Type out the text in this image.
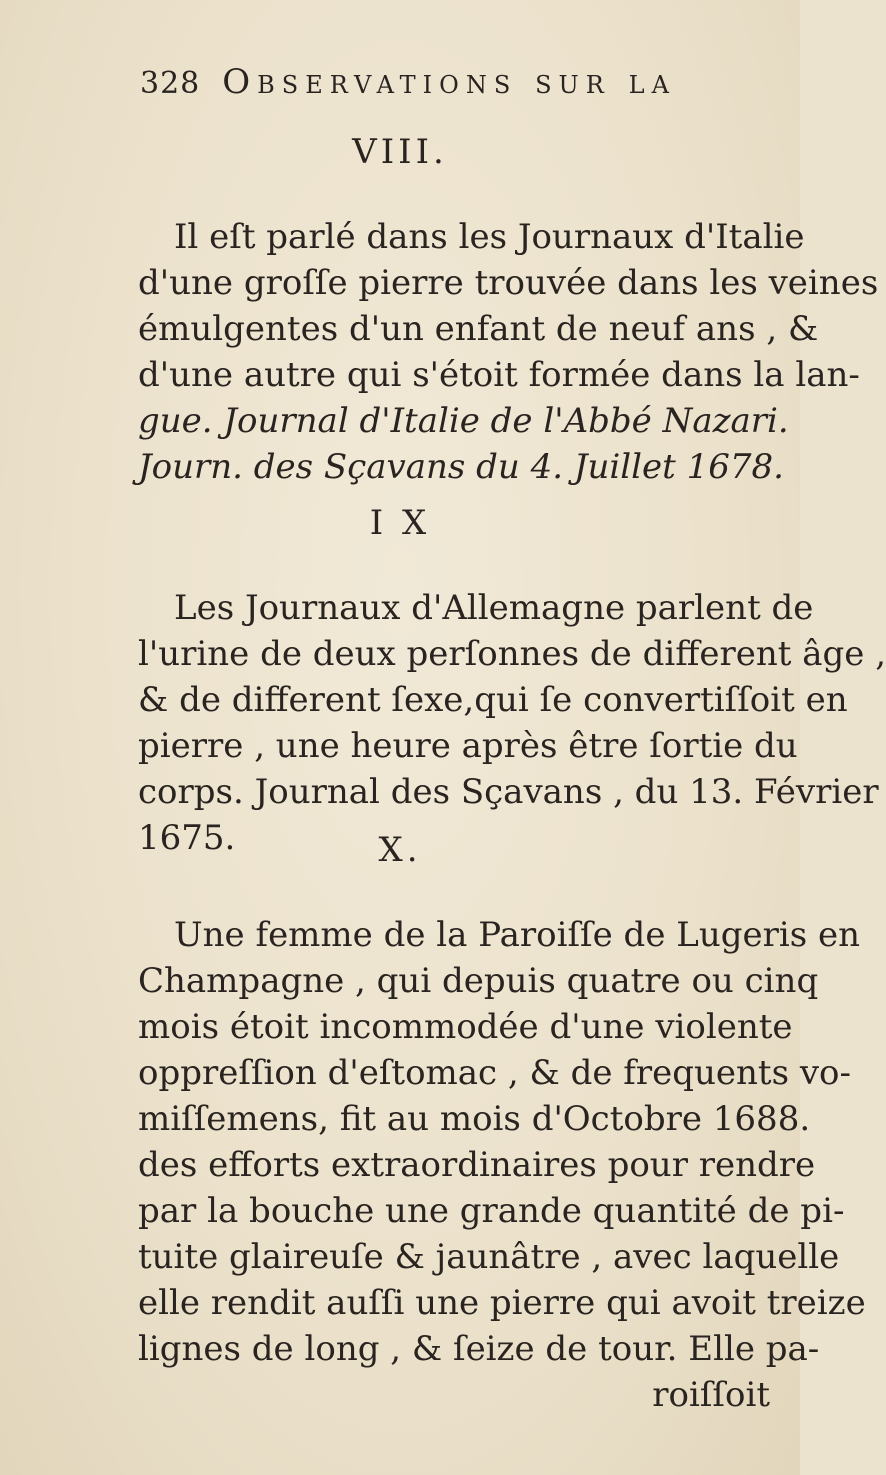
328 Observations sur la
VIII.
Il eſt parlé dans les Journaux d'Italie
d'une groſſe pierre trouvée dans les veines
émulgentes d'un enfant de neuf ans , &
d'une autre qui s'étoit formée dans la lan-
gue. Journal d'Italie de l'Abbé Nazari.
Journ. des Sçavans du 4. Juillet 1678.
I X
Les Journaux d'Allemagne parlent de
l'urine de deux perſonnes de different âge ,
& de different ſexe,qui ſe convertiſſoit en
pierre , une heure après être ſortie du
corps. Journal des Sçavans , du 13. Février
1675.	X.
Une femme de la Paroiſſe de Lugeris en
Champagne , qui depuis quatre ou cinq
mois étoit incommodée d'une violente
oppreſſion d'eſtomac , & de frequents vo-
miſſemens, fit au mois d'Octobre 1688.
des efforts extraordinaires pour rendre
par la bouche une grande quantité de pi-
tuite glaireuſe & jaunâtre , avec laquelle
elle rendit auſſi une pierre qui avoit treize
lignes de long , & ſeize de tour. Elle pa-
roiſſoit
